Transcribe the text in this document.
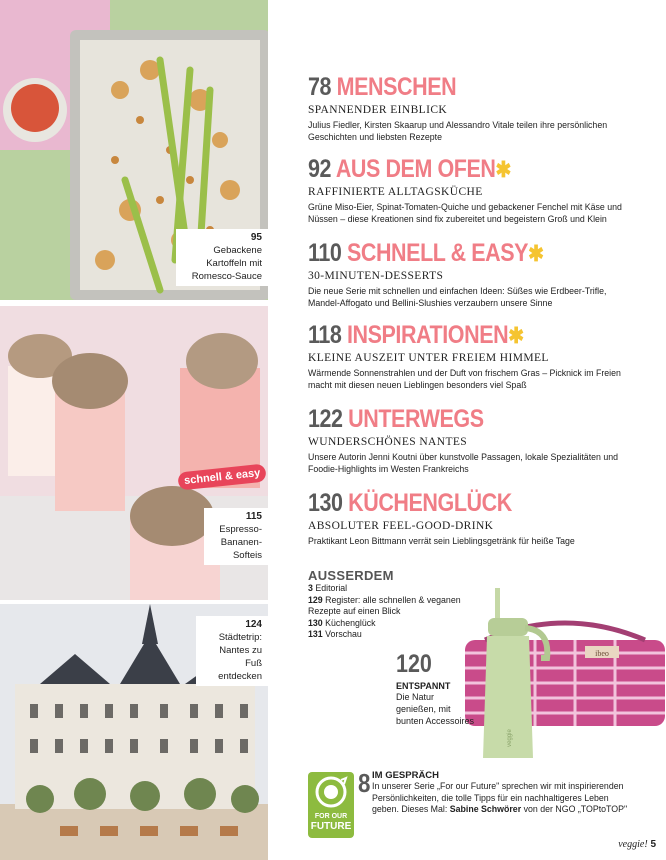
95
Gebackene Kartoffeln mit Romesco-Sauce
schnell & easy
115
Espresso-Bananen-Softeis
124
Städtetrip: Nantes zu Fuß entdecken
78 MENSCHEN
SPANNENDER EINBLICK
Julius Fiedler, Kirsten Skaarup und Alessandro Vitale teilen ihre persönlichen Geschichten und liebsten Rezepte
92 AUS DEM OFEN✱
RAFFINIERTE ALLTAGSKÜCHE
Grüne Miso-Eier, Spinat-Tomaten-Quiche und gebackener Fenchel mit Käse und Nüssen – diese Kreationen sind fix zubereitet und begeistern Groß und Klein
110 SCHNELL & EASY✱
30-MINUTEN-DESSERTS
Die neue Serie mit schnellen und einfachen Ideen: Süßes wie Erdbeer-Trifle, Mandel-Affogato und Bellini-Slushies verzaubern unsere Sinne
118 INSPIRATIONEN✱
KLEINE AUSZEIT UNTER FREIEM HIMMEL
Wärmende Sonnenstrahlen und der Duft von frischem Gras – Picknick im Freien macht mit diesen neuen Lieblingen besonders viel Spaß
122 UNTERWEGS
WUNDERSCHÖNES NANTES
Unsere Autorin Jenni Koutni über kunstvolle Passagen, lokale Spezialitäten und Foodie-Highlights im Westen Frankreichs
130 KÜCHENGLÜCK
ABSOLUTER FEEL-GOOD-DRINK
Praktikant Leon Bittmann verrät sein Lieblingsgetränk für heiße Tage
AUSSERDEM
3 Editorial
129 Register: alle schnellen & veganen Rezepte auf einen Blick
130 Küchenglück
131 Vorschau
ibeo
veggie
120
ENTSPANNT
Die Natur genießen, mit bunten Accessoires
FOR OUR
FUTURE
8 IM GESPRÄCH
In unserer Serie „For our Future" sprechen wir mit inspirierenden Persönlichkeiten, die tolle Tipps für ein nachhaltigeres Leben geben. Dieses Mal: Sabine Schwörer von der NGO „TOPtoTOP"
veggie! 5
